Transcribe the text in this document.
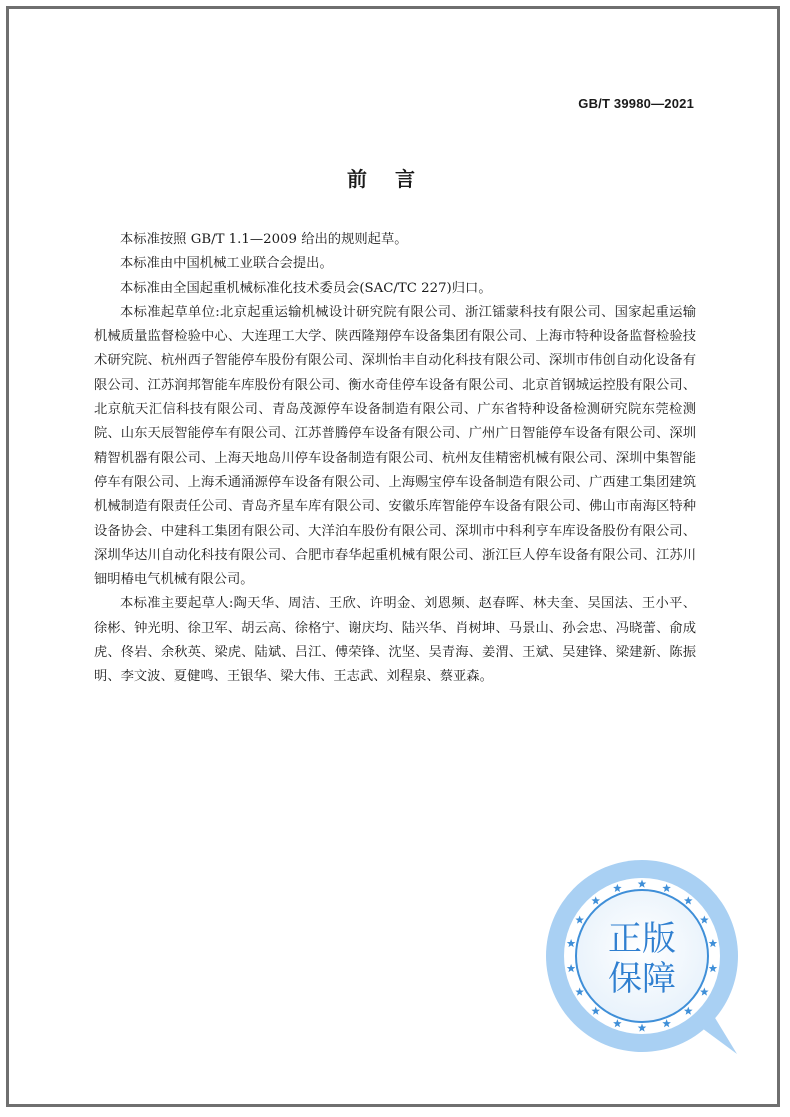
GB/T 39980—2021
前言

本标准按照 GB/T 1.1—2009 给出的规则起草。

本标准由中国机械工业联合会提出。

本标准由全国起重机械标准化技术委员会(SAC/TC 227)归口。

本标准起草单位:北京起重运输机械设计研究院有限公司、浙江镭蒙科技有限公司、国家起重运输机械质量监督检验中心、大连理工大学、陕西隆翔停车设备集团有限公司、上海市特种设备监督检验技术研究院、杭州西子智能停车股份有限公司、深圳怡丰自动化科技有限公司、深圳市伟创自动化设备有限公司、江苏润邦智能车库股份有限公司、衡水奇佳停车设备有限公司、北京首钢城运控股有限公司、北京航天汇信科技有限公司、青岛茂源停车设备制造有限公司、广东省特种设备检测研究院东莞检测院、山东天辰智能停车有限公司、江苏普腾停车设备有限公司、广州广日智能停车设备有限公司、深圳精智机器有限公司、上海天地岛川停车设备制造有限公司、杭州友佳精密机械有限公司、深圳中集智能停车有限公司、上海禾通涌源停车设备有限公司、上海赐宝停车设备制造有限公司、广西建工集团建筑机械制造有限责任公司、青岛齐星车库有限公司、安徽乐库智能停车设备有限公司、佛山市南海区特种设备协会、中建科工集团有限公司、大洋泊车股份有限公司、深圳市中科利亨车库设备股份有限公司、深圳华达川自动化科技有限公司、合肥市春华起重机械有限公司、浙江巨人停车设备有限公司、江苏川钿明椿电气机械有限公司。

本标准主要起草人:陶天华、周洁、王欣、许明金、刘恩频、赵春晖、林夫奎、吴国法、王小平、徐彬、钟光明、徐卫军、胡云高、徐格宁、谢庆均、陆兴华、肖树坤、马景山、孙会忠、冯晓蕾、俞成虎、佟岩、余秋英、梁虎、陆斌、吕江、傅荣锋、沈坚、吴青海、姜渭、王斌、吴建锋、梁建新、陈振明、李文波、夏健鸣、王银华、梁大伟、王志武、刘程泉、蔡亚森。

正版
保障
